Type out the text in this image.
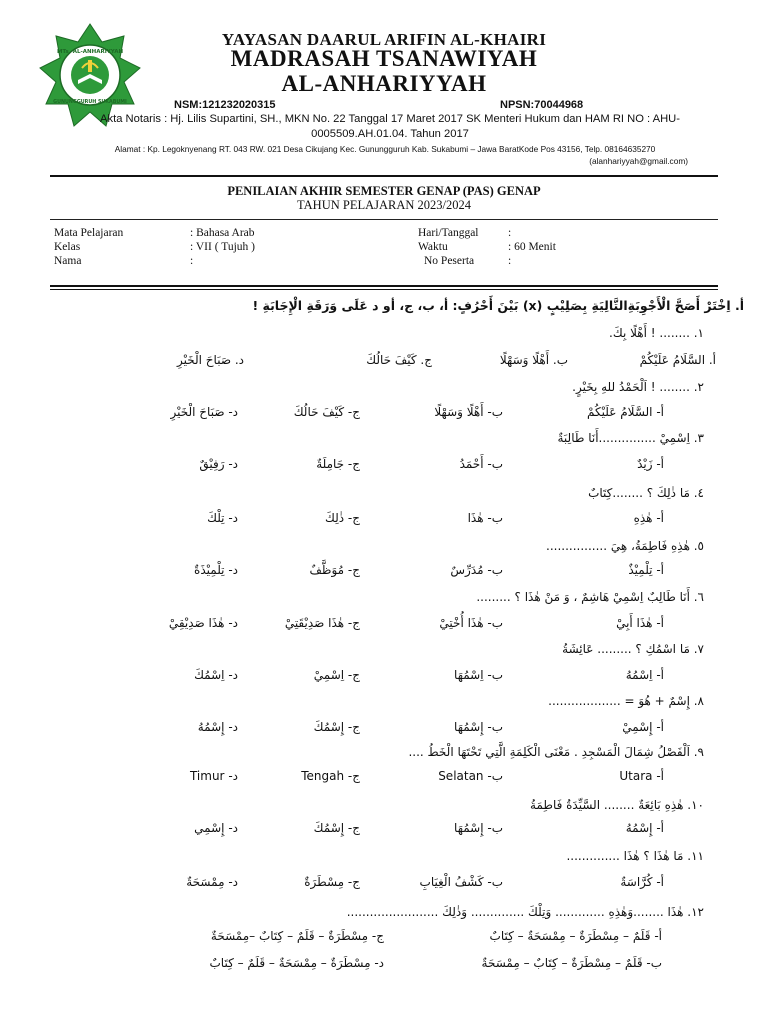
MTs. AL-ANHARIYYAH
GUNUNGGURUH SUKABUMI
YAYASAN DAARUL ARIFIN AL-KHAIRI
MADRASAH TSANAWIYAH
AL-ANHARIYYAH
NSM:121232020315	NPSN:70044968
Akta Notaris : Hj. Lilis Supartini, SH., MKN No. 22 Tanggal 17 Maret 2017 SK Menteri Hukum dan HAM RI NO : AHU-
0005509.AH.01.04. Tahun 2017
Alamat : Kp. Legoknyenang RT. 043 RW. 021 Desa Cikujang Kec. Gunungguruh Kab. Sukabumi – Jawa BaratKode Pos 43156, Telp. 08164635270
(alanhariyyah@gmail.com)
PENILAIAN AKHIR SEMESTER GENAP (PAS) GENAP
TAHUN PELAJARAN 2023/2024
Mata Pelajaran	: Bahasa Arab
Kelas	: VII ( Tujuh )
Nama	:
Hari/Tanggal	:
Waktu	: 60 Menit
No Peserta	:
أ. اِخْتَرْ أَصَحَّ الْأَجْوِبَةِالتَّالِيَةِ بِصَلِيْبٍ (x) بَيْنَ أَحْرُفٍ: أ، ب، ج، أو د عَلَى وَرَقَةِ الْإِجَابَةِ !
١. ........ ! أَهْلًا بِكَ.
أ. السَّلَامُ عَلَيْكُمْ
ب. أَهْلًا وَسَهْلًا
ج. كَيْفَ حَالُكَ
د. صَبَاحَ الْخَيْرِ
٢. ........ ! اَلْحَمْدُ للهِ بِخَيْرٍ.
أ- السَّلَامُ عَلَيْكُمْ
ب- أَهْلًا وَسَهْلًا
ج- كَيْفَ حَالُكَ
د- صَبَاحَ الْخَيْرِ
٣. اِسْمِيْ ...............أَنَا طَالِبَةٌ
أ- زَيْدٌ
ب- أَحْمَدُ
ج- جَامِلَةٌ
د- رَفِيْقٌ
٤. مَا ذٰلِكَ ؟ ........كِتَابٌ
أ- هٰذِهِ
ب- هٰذَا
ج- ذٰلِكَ
د- تِلْكَ
٥. هٰذِهِ فَاطِمَةُ، هِيَ ................
أ- تِلْمِيْذٌ
ب- مُدَرِّسٌ
ج- مُوَظَّفٌ
د- تِلْمِيْذَةٌ
٦. أَنَا طَالِبٌ اِسْمِيْ هَاشِمٌ ، وَ مَنْ هٰذَا ؟ .........
أ- هٰذَا أَبِيْ
ب- هٰذَا أُخْتِيْ
ج- هٰذَا صَدِيْقَتِيْ
د- هٰذَا صَدِيْقِيْ
٧. مَا اسْمُكِ ؟ ......... عَائِشَةُ
أ- اِسْمُهُ
ب- اِسْمُهَا
ج- اِسْمِيْ
د- اِسْمُكَ
٨. إِسْمٌ + هُوَ = ...................
أ- إِسْمِيْ
ب- إِسْمُهَا
ج- إِسْمُكَ
د- إِسْمُهُ
٩. اَلْفَصْلُ شِمَالَ الْمَسْجِدِ . مَعْنَى الْكَلِمَةِ الَّتِي تَحْتَهَا الْخَطُ ....
أ- Utara
ب- Selatan
ج- Tengah
د- Timur
١٠. هٰذِهِ بَائِعَةٌ ........ السَّيِّدَةُ فَاطِمَةُ
أ- إِسْمُهُ
ب- إِسْمُهَا
ج- إِسْمُكَ
د- إِسْمِي
١١. مَا هٰذَا ؟ هٰذَا ..............
أ- كُرَّاسَةٌ
ب- كَشْفُ الْغِيَابِ
ج- مِسْطَرَةٌ
د- مِمْسَحَةٌ
١٢. هٰذَا ........وَهٰذِهِ ............. وَتِلْكَ .............. وَذٰلِكَ ........................
أ- قَلَمٌ – مِسْطَرَةٌ – مِمْسَحَةٌ – كِتَابٌ
ج- مِسْطَرَةٌ – قَلَمٌ – كِتَابٌ –مِمْسَحَةٌ
ب- قَلَمٌ – مِسْطَرَةٌ – كِتَابٌ – مِمْسَحَةٌ
د- مِسْطَرَةٌ – مِمْسَحَةٌ – قَلَمٌ – كِتَابٌ
